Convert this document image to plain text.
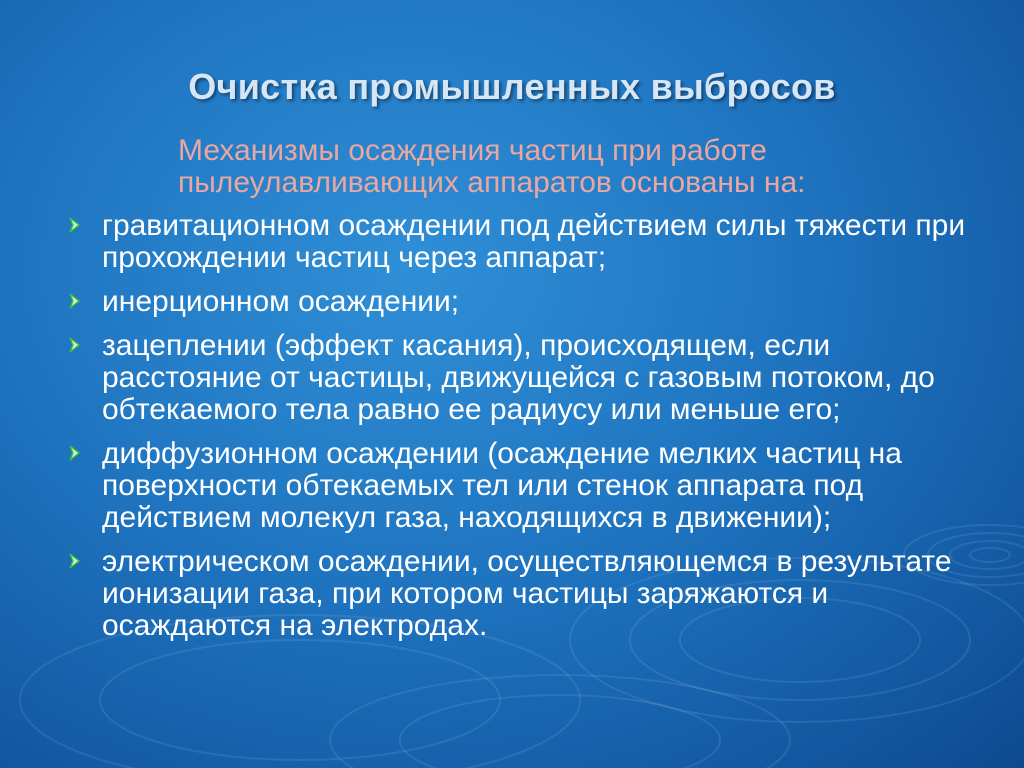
Очистка промышленных выбросов
Механизмы осаждения частиц при работе
пылеулавливающих аппаратов основаны на:
гравитационном осаждении под действием силы тяжести при прохождении частиц через аппарат;
инерционном осаждении;
зацеплении (эффект касания), происходящем, если расстояние от частицы, движущейся с газовым потоком, до обтекаемого тела равно ее радиусу или меньше его;
диффузионном осаждении (осаждение мелких частиц на поверхности обтекаемых тел или стенок аппарата под действием молекул газа, находящихся в движении);
электрическом осаждении, осуществляющемся в результате ионизации газа, при котором частицы заряжаются и осаждаются на электродах.
